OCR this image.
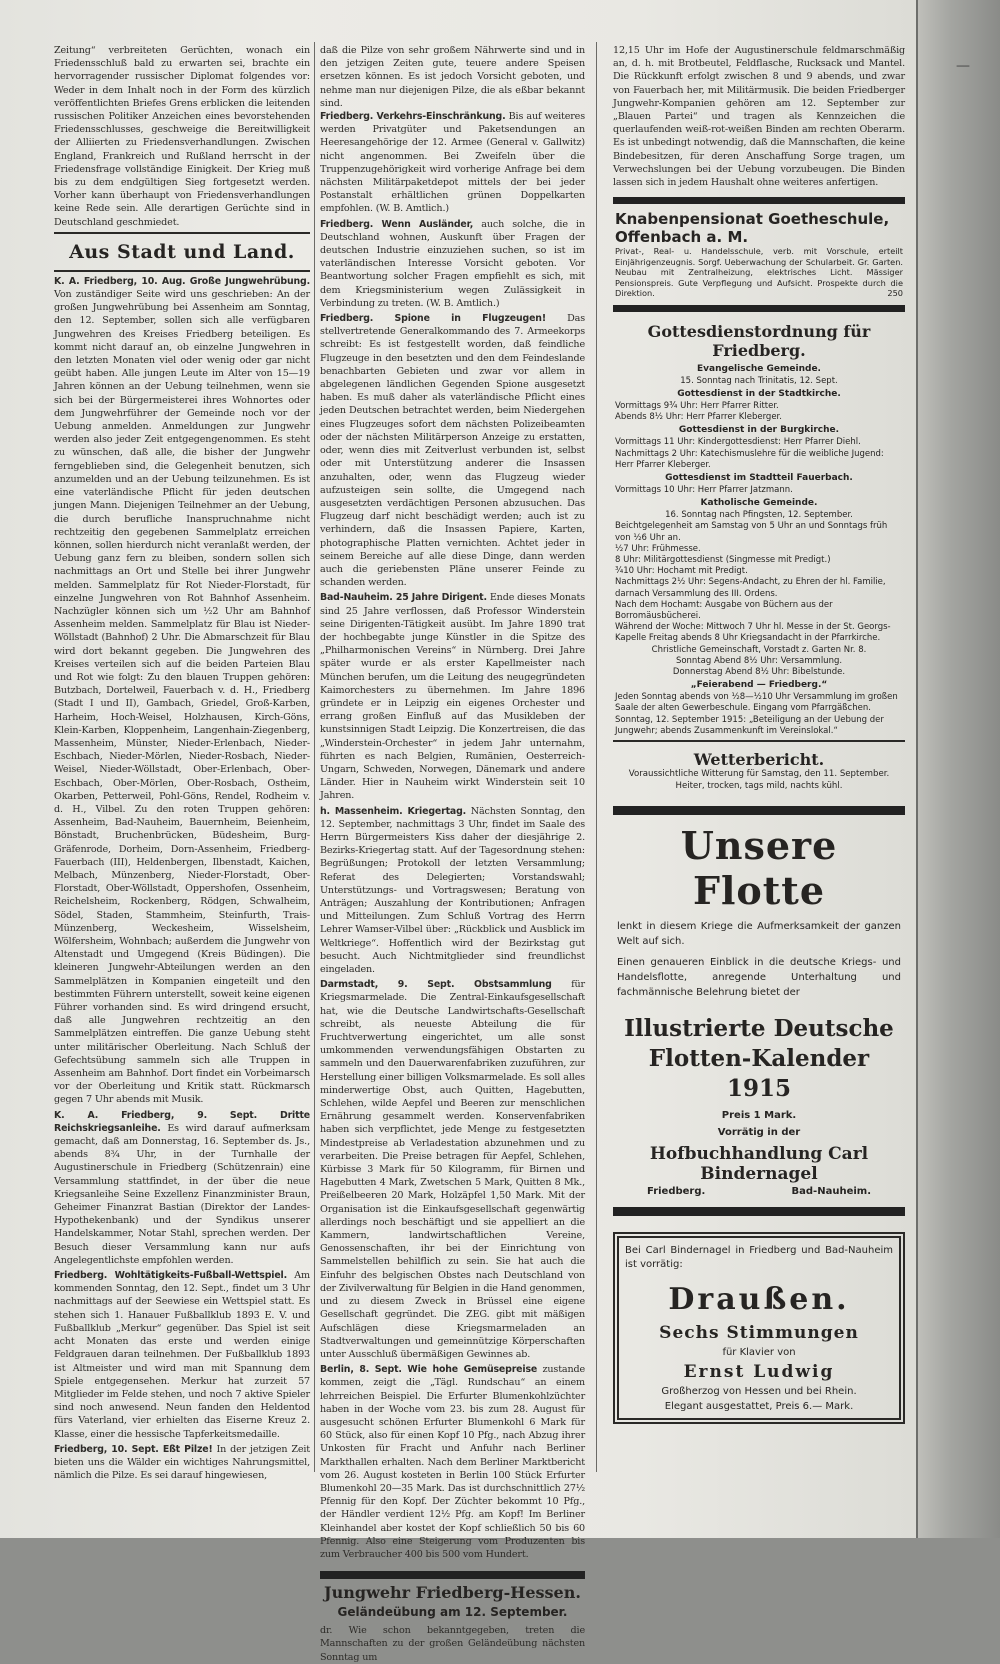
Zeitung“ verbreiteten Gerüchten, wonach ein Friedensschluß bald zu erwarten sei, brachte ein hervorragender russischer Diplomat folgendes vor: Weder in dem Inhalt noch in der Form des kürzlich veröffentlichten Briefes Grens erblicken die leitenden russischen Politiker Anzeichen eines bevorstehenden Friedensschlusses, geschweige die Bereitwilligkeit der Alliierten zu Friedensverhandlungen. Zwischen England, Frankreich und Rußland herrscht in der Friedensfrage vollständige Einigkeit. Der Krieg muß bis zu dem endgültigen Sieg fortgesetzt werden. Vorher kann überhaupt von Friedensverhandlungen keine Rede sein. Alle derartigen Gerüchte sind in Deutschland geschmiedet.

Aus Stadt und Land.
K. A. Friedberg, 10. Aug. Große Jungwehrübung. Von zuständiger Seite wird uns geschrieben: An der großen Jungwehrübung bei Assenheim am Sonntag, den 12. September, sollen sich alle verfügbaren Jungwehren des Kreises Friedberg beteiligen. Es kommt nicht darauf an, ob einzelne Jungwehren in den letzten Monaten viel oder wenig oder gar nicht geübt haben. Alle jungen Leute im Alter von 15—19 Jahren können an der Uebung teilnehmen, wenn sie sich bei der Bürgermeisterei ihres Wohnortes oder dem Jungwehrführer der Gemeinde noch vor der Uebung anmelden. Anmeldungen zur Jungwehr werden also jeder Zeit entgegengenommen. Es steht zu wünschen, daß alle, die bisher der Jungwehr ferngeblieben sind, die Gelegenheit benutzen, sich anzumelden und an der Uebung teilzunehmen. Es ist eine vaterländische Pflicht für jeden deutschen jungen Mann. Diejenigen Teilnehmer an der Uebung, die durch berufliche Inanspruchnahme nicht rechtzeitig den gegebenen Sammelplatz erreichen können, sollen hierdurch nicht veranlaßt werden, der Uebung ganz fern zu bleiben, sondern sollen sich nachmittags an Ort und Stelle bei ihrer Jungwehr melden. Sammelplatz für Rot Nieder-Florstadt, für einzelne Jungwehren von Rot Bahnhof Assenheim. Nachzügler können sich um ½2 Uhr am Bahnhof Assenheim melden. Sammelplatz für Blau ist Nieder-Wöllstadt (Bahnhof) 2 Uhr. Die Abmarschzeit für Blau wird dort bekannt gegeben. Die Jungwehren des Kreises verteilen sich auf die beiden Parteien Blau und Rot wie folgt: Zu den blauen Truppen gehören: Butzbach, Dortelweil, Fauerbach v. d. H., Friedberg (Stadt I und II), Gambach, Griedel, Groß-Karben, Harheim, Hoch-Weisel, Holzhausen, Kirch-Göns, Klein-Karben, Kloppenheim, Langenhain-Ziegenberg, Massenheim, Münster, Nieder-Erlenbach, Nieder-Eschbach, Nieder-Mörlen, Nieder-Rosbach, Nieder-Weisel, Nieder-Wöllstadt, Ober-Erlenbach, Ober-Eschbach, Ober-Mörlen, Ober-Rosbach, Ostheim, Okarben, Petterweil, Pohl-Göns, Rendel, Rodheim v. d. H., Vilbel. Zu den roten Truppen gehören: Assenheim, Bad-Nauheim, Bauernheim, Beienheim, Bönstadt, Bruchenbrücken, Büdesheim, Burg-Gräfenrode, Dorheim, Dorn-Assenheim, Friedberg-Fauerbach (III), Heldenbergen, Ilbenstadt, Kaichen, Melbach, Münzenberg, Nieder-Florstadt, Ober-Florstadt, Ober-Wöllstadt, Oppershofen, Ossenheim, Reichelsheim, Rockenberg, Rödgen, Schwalheim, Södel, Staden, Stammheim, Steinfurth, Trais-Münzenberg, Weckesheim, Wisselsheim, Wölfersheim, Wohnbach; außerdem die Jungwehr von Altenstadt und Umgegend (Kreis Büdingen). Die kleineren Jungwehr-Abteilungen werden an den Sammelplätzen in Kompanien eingeteilt und den bestimmten Führern unterstellt, soweit keine eigenen Führer vorhanden sind. Es wird dringend ersucht, daß alle Jungwehren rechtzeitig an den Sammelplätzen eintreffen. Die ganze Uebung steht unter militärischer Oberleitung. Nach Schluß der Gefechtsübung sammeln sich alle Truppen in Assenheim am Bahnhof. Dort findet ein Vorbeimarsch vor der Oberleitung und Kritik statt. Rückmarsch gegen 7 Uhr abends mit Musik.
K. A. Friedberg, 9. Sept. Dritte Reichskriegsanleihe. Es wird darauf aufmerksam gemacht, daß am Donnerstag, 16. September ds. Js., abends 8¾ Uhr, in der Turnhalle der Augustinerschule in Friedberg (Schützenrain) eine Versammlung stattfindet, in der über die neue Kriegsanleihe Seine Exzellenz Finanzminister Braun, Geheimer Finanzrat Bastian (Direktor der Landes-Hypothekenbank) und der Syndikus unserer Handelskammer, Notar Stahl, sprechen werden. Der Besuch dieser Versammlung kann nur aufs Angelegentlichste empfohlen werden.
Friedberg. Wohltätigkeits-Fußball-Wettspiel. Am kommenden Sonntag, den 12. Sept., findet um 3 Uhr nachmittags auf der Seewiese ein Wettspiel statt. Es stehen sich 1. Hanauer Fußballklub 1893 E. V. und Fußballklub „Merkur“ gegenüber. Das Spiel ist seit acht Monaten das erste und werden einige Feldgrauen daran teilnehmen. Der Fußballklub 1893 ist Altmeister und wird man mit Spannung dem Spiele entgegensehen. Merkur hat zurzeit 57 Mitglieder im Felde stehen, und noch 7 aktive Spieler sind noch anwesend. Neun fanden den Heldentod fürs Vaterland, vier erhielten das Eiserne Kreuz 2. Klasse, einer die hessische Tapferkeitsmedaille.
Friedberg, 10. Sept. Eßt Pilze! In der jetzigen Zeit bieten uns die Wälder ein wichtiges Nahrungsmittel, nämlich die Pilze. Es sei darauf hingewiesen,

daß die Pilze von sehr großem Nährwerte sind und in den jetzigen Zeiten gute, teuere andere Speisen ersetzen können. Es ist jedoch Vorsicht geboten, und nehme man nur diejenigen Pilze, die als eßbar bekannt sind.

Friedberg. Verkehrs-Einschränkung. Bis auf weiteres werden Privatgüter und Paketsendungen an Heeresangehörige der 12. Armee (General v. Gallwitz) nicht angenommen. Bei Zweifeln über die Truppenzugehörigkeit wird vorherige Anfrage bei dem nächsten Militärpaketdepot mittels der bei jeder Postanstalt erhältlichen grünen Doppelkarten empfohlen. (W. B. Amtlich.)
Friedberg. Wenn Ausländer, auch solche, die in Deutschland wohnen, Auskunft über Fragen der deutschen Industrie einzuziehen suchen, so ist im vaterländischen Interesse Vorsicht geboten. Vor Beantwortung solcher Fragen empfiehlt es sich, mit dem Kriegsministerium wegen Zulässigkeit in Verbindung zu treten. (W. B. Amtlich.)
Friedberg. Spione in Flugzeugen! Das stellvertretende Generalkommando des 7. Armeekorps schreibt: Es ist festgestellt worden, daß feindliche Flugzeuge in den besetzten und den dem Feindeslande benachbarten Gebieten und zwar vor allem in abgelegenen ländlichen Gegenden Spione ausgesetzt haben. Es muß daher als vaterländische Pflicht eines jeden Deutschen betrachtet werden, beim Niedergehen eines Flugzeuges sofort dem nächsten Polizeibeamten oder der nächsten Militärperson Anzeige zu erstatten, oder, wenn dies mit Zeitverlust verbunden ist, selbst oder mit Unterstützung anderer die Insassen anzuhalten, oder, wenn das Flugzeug wieder aufzusteigen sein sollte, die Umgegend nach ausgesetzten verdächtigen Personen abzusuchen. Das Flugzeug darf nicht beschädigt werden; auch ist zu verhindern, daß die Insassen Papiere, Karten, photographische Platten vernichten. Achtet jeder in seinem Bereiche auf alle diese Dinge, dann werden auch die geriebensten Pläne unserer Feinde zu schanden werden.
Bad-Nauheim. 25 Jahre Dirigent. Ende dieses Monats sind 25 Jahre verflossen, daß Professor Winderstein seine Dirigenten-Tätigkeit ausübt. Im Jahre 1890 trat der hochbegabte junge Künstler in die Spitze des „Philharmonischen Vereins“ in Nürnberg. Drei Jahre später wurde er als erster Kapellmeister nach München berufen, um die Leitung des neugegründeten Kaimorchesters zu übernehmen. Im Jahre 1896 gründete er in Leipzig ein eigenes Orchester und errang großen Einfluß auf das Musikleben der kunstsinnigen Stadt Leipzig. Die Konzertreisen, die das „Winderstein-Orchester“ in jedem Jahr unternahm, führten es nach Belgien, Rumänien, Oesterreich-Ungarn, Schweden, Norwegen, Dänemark und andere Länder. Hier in Nauheim wirkt Winderstein seit 10 Jahren.
h. Massenheim. Kriegertag. Nächsten Sonntag, den 12. September, nachmittags 3 Uhr, findet im Saale des Herrn Bürgermeisters Kiss daher der diesjährige 2. Bezirks-Kriegertag statt. Auf der Tagesordnung stehen: Begrüßungen; Protokoll der letzten Versammlung; Referat des Delegierten; Vorstandswahl; Unterstützungs- und Vortragswesen; Beratung von Anträgen; Auszahlung der Kontributionen; Anfragen und Mitteilungen. Zum Schluß Vortrag des Herrn Lehrer Wamser-Vilbel über: „Rückblick und Ausblick im Weltkriege“. Hoffentlich wird der Bezirkstag gut besucht. Auch Nichtmitglieder sind freundlichst eingeladen.
Darmstadt, 9. Sept. Obstsammlung für Kriegsmarmelade. Die Zentral-Einkaufsgesellschaft hat, wie die Deutsche Landwirtschafts-Gesellschaft schreibt, als neueste Abteilung die für Fruchtverwertung eingerichtet, um alle sonst umkommenden verwendungsfähigen Obstarten zu sammeln und den Dauerwarenfabriken zuzuführen, zur Herstellung einer billigen Volksmarmelade. Es soll alles minderwertige Obst, auch Quitten, Hagebutten, Schlehen, wilde Aepfel und Beeren zur menschlichen Ernährung gesammelt werden. Konservenfabriken haben sich verpflichtet, jede Menge zu festgesetzten Mindestpreise ab Verladestation abzunehmen und zu verarbeiten. Die Preise betragen für Aepfel, Schlehen, Kürbisse 3 Mark für 50 Kilogramm, für Birnen und Hagebutten 4 Mark, Zwetschen 5 Mark, Quitten 8 Mk., Preißelbeeren 20 Mark, Holzäpfel 1,50 Mark. Mit der Organisation ist die Einkaufsgesellschaft gegenwärtig allerdings noch beschäftigt und sie appelliert an die Kammern, landwirtschaftlichen Vereine, Genossenschaften, ihr bei der Einrichtung von Sammelstellen behilflich zu sein. Sie hat auch die Einfuhr des belgischen Obstes nach Deutschland von der Zivilverwaltung für Belgien in die Hand genommen, und zu diesem Zweck in Brüssel eine eigene Gesellschaft gegründet. Die ZEG. gibt mit mäßigen Aufschlägen diese Kriegsmarmeladen an Stadtverwaltungen und gemeinnützige Körperschaften unter Ausschluß übermäßigen Gewinnes ab.
Berlin, 8. Sept. Wie hohe Gemüsepreise zustande kommen, zeigt die „Tägl. Rundschau“ an einem lehrreichen Beispiel. Die Erfurter Blumenkohlzüchter haben in der Woche vom 23. bis zum 28. August für ausgesucht schönen Erfurter Blumenkohl 6 Mark für 60 Stück, also für einen Kopf 10 Pfg., nach Abzug ihrer Unkosten für Fracht und Anfuhr nach Berliner Markthallen erhalten. Nach dem Berliner Marktbericht vom 26. August kosteten in Berlin 100 Stück Erfurter Blumenkohl 20—35 Mark. Das ist durchschnittlich 27½ Pfennig für den Kopf. Der Züchter bekommt 10 Pfg., der Händler verdient 12½ Pfg. am Kopf! Im Berliner Kleinhandel aber kostet der Kopf schließlich 50 bis 60 Pfennig. Also eine Steigerung vom Produzenten bis zum Verbraucher 400 bis 500 vom Hundert.
Jungwehr Friedberg-Hessen.
Geländeübung am 12. September.

dr. Wie schon bekanntgegeben, treten die Mannschaften zu der großen Geländeübung nächsten Sonntag um

12,15 Uhr im Hofe der Augustinerschule feldmarschmäßig an, d. h. mit Brotbeutel, Feldflasche, Rucksack und Mantel. Die Rückkunft erfolgt zwischen 8 und 9 abends, und zwar von Fauerbach her, mit Militärmusik. Die beiden Friedberger Jungwehr-Kompanien gehören am 12. September zur „Blauen Partei“ und tragen als Kennzeichen die querlaufenden weiß-rot-weißen Binden am rechten Oberarm. Es ist unbedingt notwendig, daß die Mannschaften, die keine Bindebesitzen, für deren Anschaffung Sorge tragen, um Verwechslungen bei der Uebung vorzubeugen. Die Binden lassen sich in jedem Haushalt ohne weiteres anfertigen.

Knabenpensionat Goetheschule, Offenbach a. M.
Privat-, Real- u. Handelsschule, verb. mit Vorschule, erteilt Einjährigenzeugnis. Sorgf. Ueberwachung der Schularbeit. Gr. Garten. Neubau mit Zentralheizung, elektrisches Licht. Mässiger Pensionspreis. Gute Verpflegung und Aufsicht. Prospekte durch die Direktion.	250
Gottesdienstordnung für Friedberg.
Evangelische Gemeinde.
15. Sonntag nach Trinitatis, 12. Sept.
Gottesdienst in der Stadtkirche.
Vormittags 9¾ Uhr: Herr Pfarrer Ritter.
Abends 8½ Uhr: Herr Pfarrer Kleberger.
Gottesdienst in der Burgkirche.
Vormittags 11 Uhr: Kindergottesdienst: Herr Pfarrer Diehl.
Nachmittags 2 Uhr: Katechismuslehre für die weibliche Jugend: Herr Pfarrer Kleberger.
Gottesdienst im Stadtteil Fauerbach.
Vormittags 10 Uhr: Herr Pfarrer Jatzmann.
Katholische Gemeinde.
16. Sonntag nach Pfingsten, 12. September.
Beichtgelegenheit am Samstag von 5 Uhr an und Sonntags früh von ½6 Uhr an.
½7 Uhr: Frühmesse.
8 Uhr: Militärgottesdienst (Singmesse mit Predigt.)
¾10 Uhr: Hochamt mit Predigt.
Nachmittags 2½ Uhr: Segens-Andacht, zu Ehren der hl. Familie, darnach Versammlung des III. Ordens.
Nach dem Hochamt: Ausgabe von Büchern aus der Borromäusbücherei.
Während der Woche: Mittwoch 7 Uhr hl. Messe in der St. Georgs-Kapelle Freitag abends 8 Uhr Kriegsandacht in der Pfarrkirche.
Christliche Gemeinschaft, Vorstadt z. Garten Nr. 8.
Sonntag Abend 8½ Uhr: Versammlung.
Donnerstag Abend 8½ Uhr: Bibelstunde.
„Feierabend — Friedberg.“
Jeden Sonntag abends von ½8—½10 Uhr Versammlung im großen Saale der alten Gewerbeschule. Eingang vom Pfarrgäßchen.
Sonntag, 12. September 1915: „Beteiligung an der Uebung der Jungwehr; abends Zusammenkunft im Vereinslokal.“
Wetterbericht.
Voraussichtliche Witterung für Samstag, den 11. September.
Heiter, trocken, tags mild, nachts kühl.
Unsere Flotte
lenkt in diesem Kriege die Aufmerksamkeit der ganzen Welt auf sich.
Einen genaueren Einblick in die deutsche Kriegs- und Handelsflotte, anregende Unterhaltung und fachmännische Belehrung bietet der
Illustrierte Deutsche
Flotten-Kalender 1915
Preis 1 Mark.
Vorrätig in der
Hofbuchhandlung Carl Bindernagel
Friedberg.	Bad-Nauheim.
Bei Carl Bindernagel in Friedberg und Bad-Nauheim ist vorrätig:
Draußen.
Sechs Stimmungen
für Klavier von
Ernst Ludwig
Großherzog von Hessen und bei Rhein.
Elegant ausgestattet, Preis 6.— Mark.
—
